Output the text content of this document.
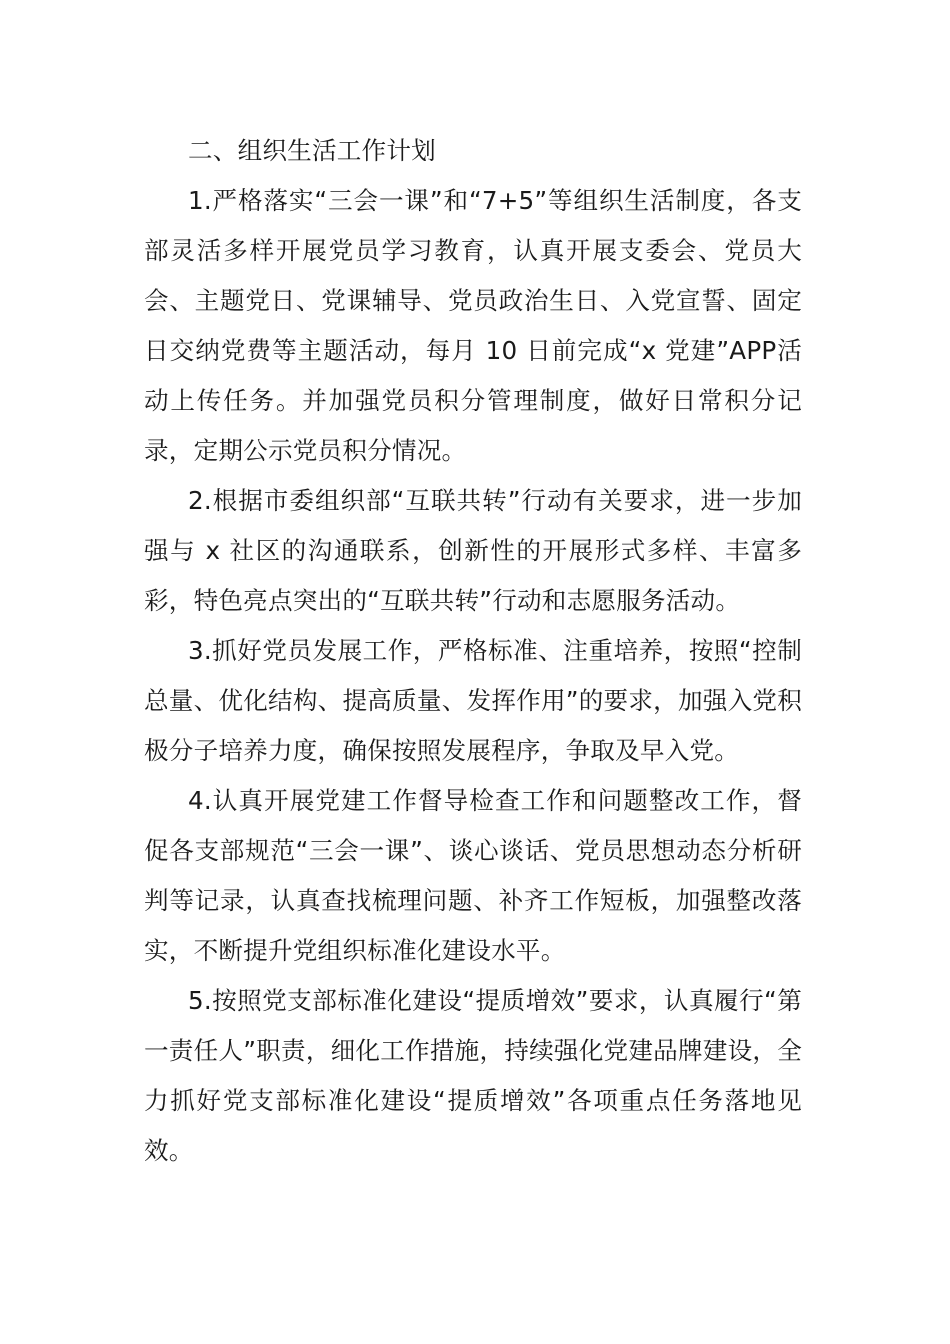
二、组织生活工作计划

1.严格落实“三会一课”和“7+5”等组织生活制度，各支部灵活多样开展党员学习教育，认真开展支委会、党员大会、主题党日、党课辅导、党员政治生日、入党宣誓、固定日交纳党费等主题活动，每月 10 日前完成“x 党建”APP活动上传任务。并加强党员积分管理制度，做好日常积分记录，定期公示党员积分情况。

2.根据市委组织部“互联共转”行动有关要求，进一步加强与 x 社区的沟通联系，创新性的开展形式多样、丰富多彩，特色亮点突出的“互联共转”行动和志愿服务活动。

3.抓好党员发展工作，严格标准、注重培养，按照“控制总量、优化结构、提高质量、发挥作用”的要求，加强入党积极分子培养力度，确保按照发展程序，争取及早入党。

4.认真开展党建工作督导检查工作和问题整改工作，督促各支部规范“三会一课”、谈心谈话、党员思想动态分析研判等记录，认真查找梳理问题、补齐工作短板，加强整改落实，不断提升党组织标准化建设水平。

5.按照党支部标准化建设“提质增效”要求，认真履行“第一责任人”职责，细化工作措施，持续强化党建品牌建设，全力抓好党支部标准化建设“提质增效”各项重点任务落地见效。
